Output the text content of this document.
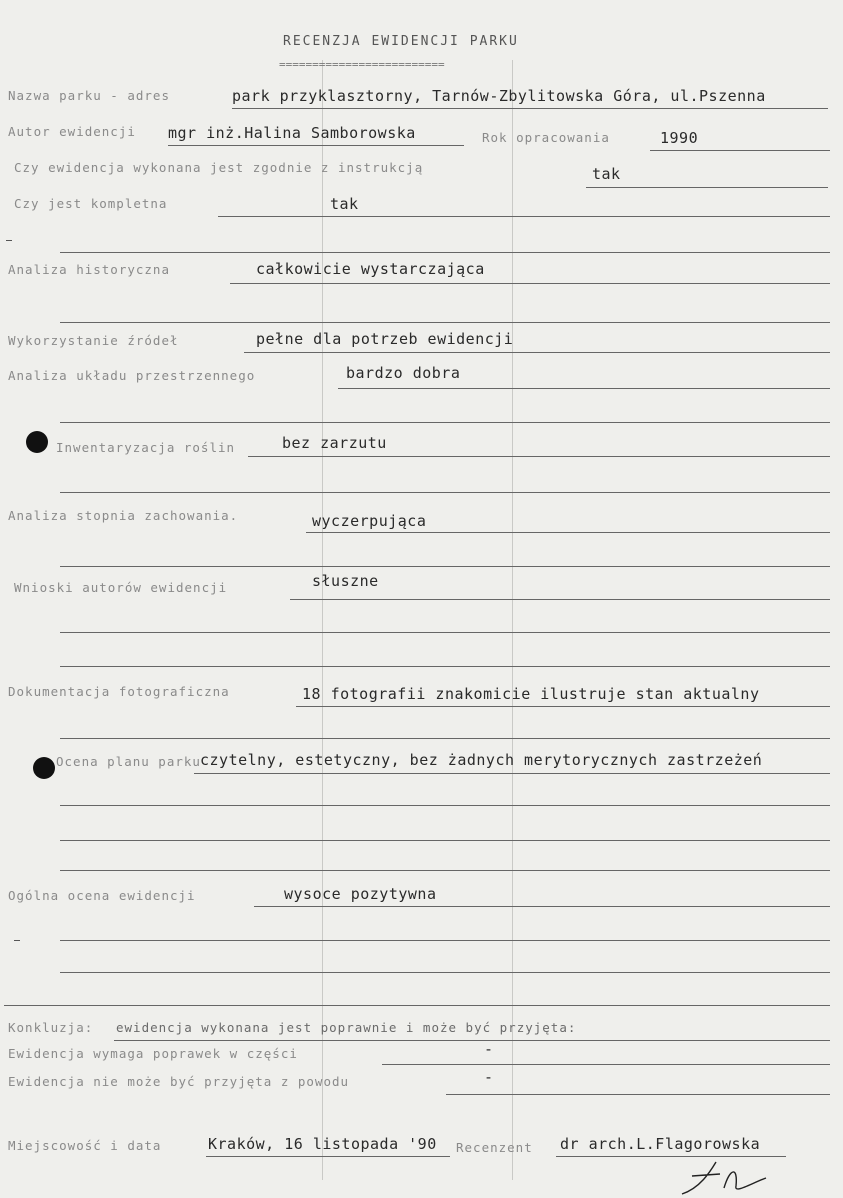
RECENZJA EWIDENCJI PARKU
=========================
Nazwa parku - adres	park przyklasztorny, Tarnów-Zbylitowska Góra, ul.Pszenna
Autor ewidencji mgr inż.Halina Samborowska	Rok opracowania	1990
Czy ewidencja wykonana jest zgodnie z instrukcją	tak
Czy jest kompletna	tak
Analiza historyczna	całkowicie wystarczająca
Wykorzystanie źródeł	pełne dla potrzeb ewidencji
Analiza układu przestrzennego	bardzo dobra
Inwentaryzacja roślin	bez zarzutu
Analiza stopnia zachowania.	wyczerpująca
Wnioski autorów ewidencji	słuszne
Dokumentacja fotograficzna	18 fotografii znakomicie ilustruje stan aktualny
Ocena planu parku czytelny, estetyczny, bez żadnych merytorycznych zastrzeżeń
Ogólna ocena ewidencji	wysoce pozytywna
Konkluzja: ewidencja wykonana jest poprawnie i może być przyjęta:
Ewidencja wymaga poprawek w części	-
Ewidencja nie może być przyjęta z powodu	-
Miejscowość i data	Kraków, 16 listopada '90 Recenzent dr arch.L.Flagorowska
